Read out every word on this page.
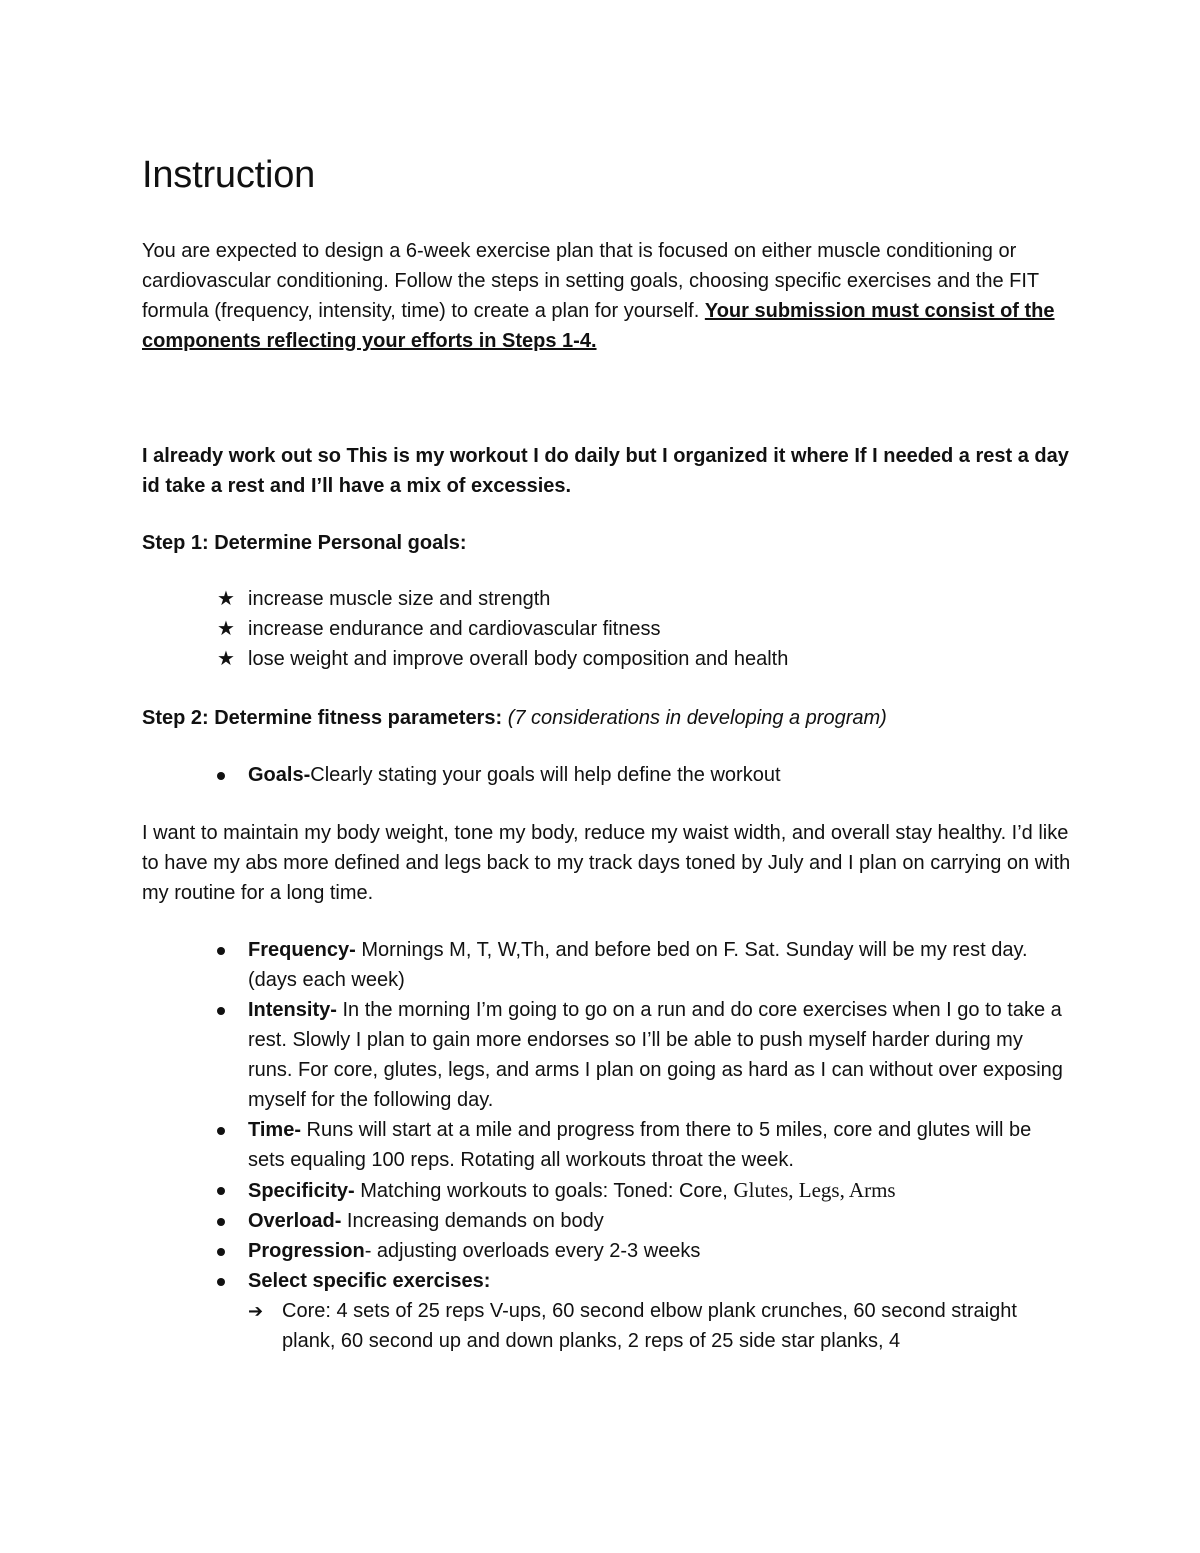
Instruction

You are expected to design a 6-week exercise plan that is focused on either muscle conditioning or cardiovascular conditioning. Follow the steps in setting goals, choosing specific exercises and the FIT formula (frequency, intensity, time) to create a plan for yourself. Your submission must consist of the components reflecting your efforts in Steps 1-4.

I already work out so This is my workout I do daily but I organized it where If I needed a rest a day id take a rest and I’ll have a mix of excessies.

Step 1: Determine Personal goals:

★ increase muscle size and strength
★ increase endurance and cardiovascular fitness
★ lose weight and improve overall body composition and health

Step 2: Determine fitness parameters: (7 considerations in developing a program)

Goals-Clearly stating your goals will help define the workout

I want to maintain my body weight, tone my body, reduce my waist width, and overall stay healthy. I’d like to have my abs more defined and legs back to my track days toned by July and I plan on carrying on with my routine for a long time.

Frequency- Mornings M, T, W,Th, and before bed on F. Sat. Sunday will be my rest day. (days each week)
Intensity- In the morning I’m going to go on a run and do core exercises when I go to take a rest. Slowly I plan to gain more endorses so I’ll be able to push myself harder during my runs. For core, glutes, legs, and arms I plan on going as hard as I can without over exposing myself for the following day.
Time- Runs will start at a mile and progress from there to 5 miles, core and glutes will be sets equaling 100 reps. Rotating all workouts throat the week.
Specificity- Matching workouts to goals: Toned: Core, Glutes, Legs, Arms
Overload- Increasing demands on body
Progression- adjusting overloads every 2-3 weeks
Select specific exercises:
➔ Core: 4 sets of 25 reps V-ups, 60 second elbow plank crunches, 60 second straight plank, 60 second up and down planks, 2 reps of 25 side star planks, 4
